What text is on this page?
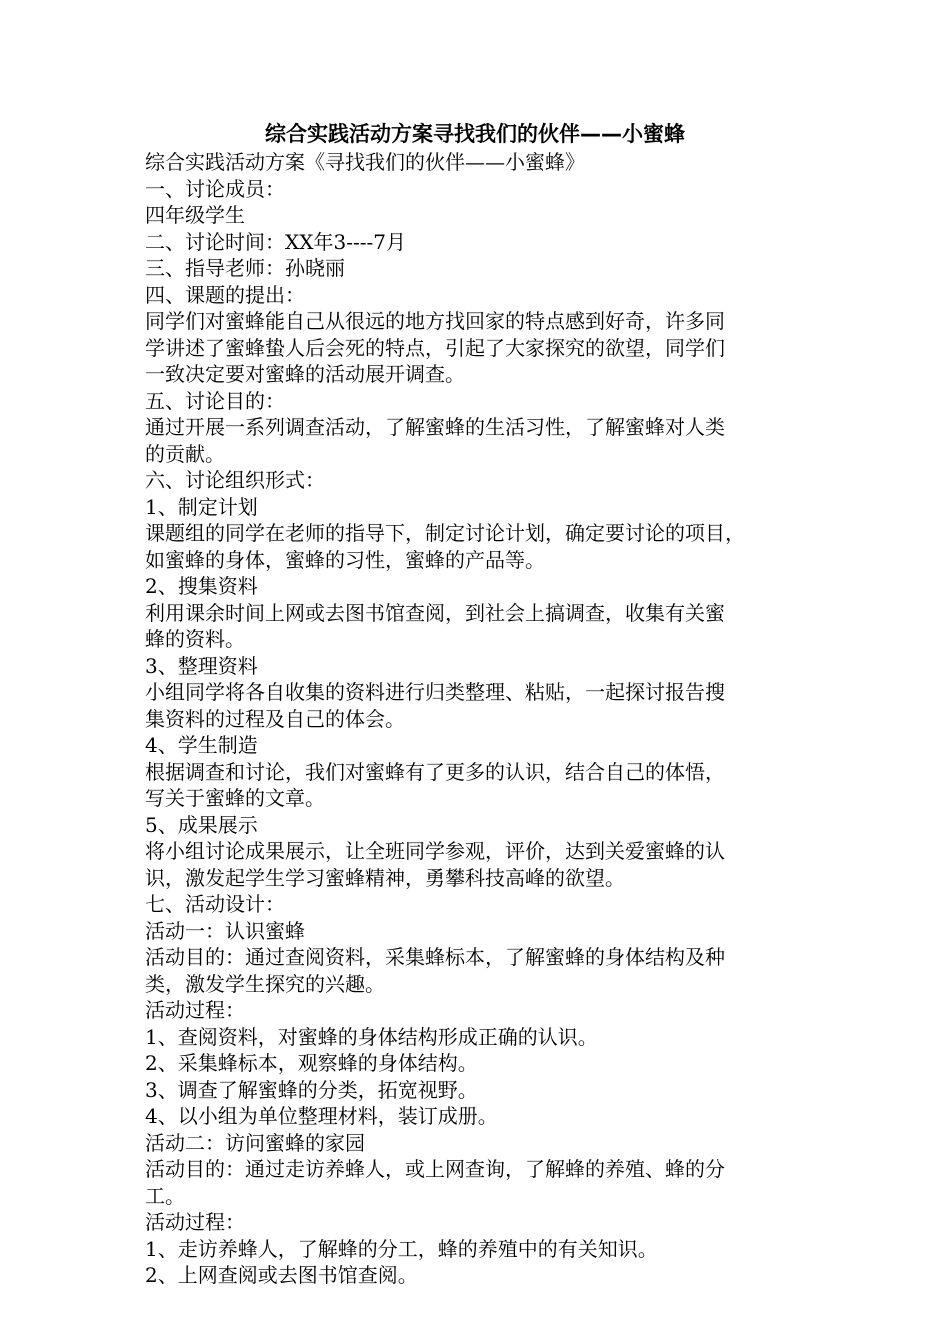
综合实践活动方案寻找我们的伙伴——小蜜蜂
综合实践活动方案《寻找我们的伙伴——小蜜蜂》
一、讨论成员：
四年级学生
二、讨论时间：XX年3----7月
三、指导老师：孙晓丽
四、课题的提出：
同学们对蜜蜂能自己从很远的地方找回家的特点感到好奇，许多同
学讲述了蜜蜂蛰人后会死的特点，引起了大家探究的欲望，同学们
一致决定要对蜜蜂的活动展开调查。
五、讨论目的：
通过开展一系列调查活动，了解蜜蜂的生活习性，了解蜜蜂对人类
的贡献。
六、讨论组织形式：
1、制定计划
课题组的同学在老师的指导下，制定讨论计划，确定要讨论的项目，
如蜜蜂的身体，蜜蜂的习性，蜜蜂的产品等。
2、搜集资料
利用课余时间上网或去图书馆查阅，到社会上搞调查，收集有关蜜
蜂的资料。
3、整理资料
小组同学将各自收集的资料进行归类整理、粘贴，一起探讨报告搜
集资料的过程及自己的体会。
4、学生制造
根据调查和讨论，我们对蜜蜂有了更多的认识，结合自己的体悟，
写关于蜜蜂的文章。
5、成果展示
将小组讨论成果展示，让全班同学参观，评价，达到关爱蜜蜂的认
识，激发起学生学习蜜蜂精神，勇攀科技高峰的欲望。
七、活动设计：
活动一：认识蜜蜂
活动目的：通过查阅资料，采集蜂标本，了解蜜蜂的身体结构及种
类，激发学生探究的兴趣。
活动过程：
1、查阅资料，对蜜蜂的身体结构形成正确的认识。
2、采集蜂标本，观察蜂的身体结构。
3、调查了解蜜蜂的分类，拓宽视野。
4、以小组为单位整理材料，装订成册。
活动二：访问蜜蜂的家园
活动目的：通过走访养蜂人，或上网查询，了解蜂的养殖、蜂的分
工。
活动过程：
1、走访养蜂人，了解蜂的分工，蜂的养殖中的有关知识。
2、上网查阅或去图书馆查阅。
